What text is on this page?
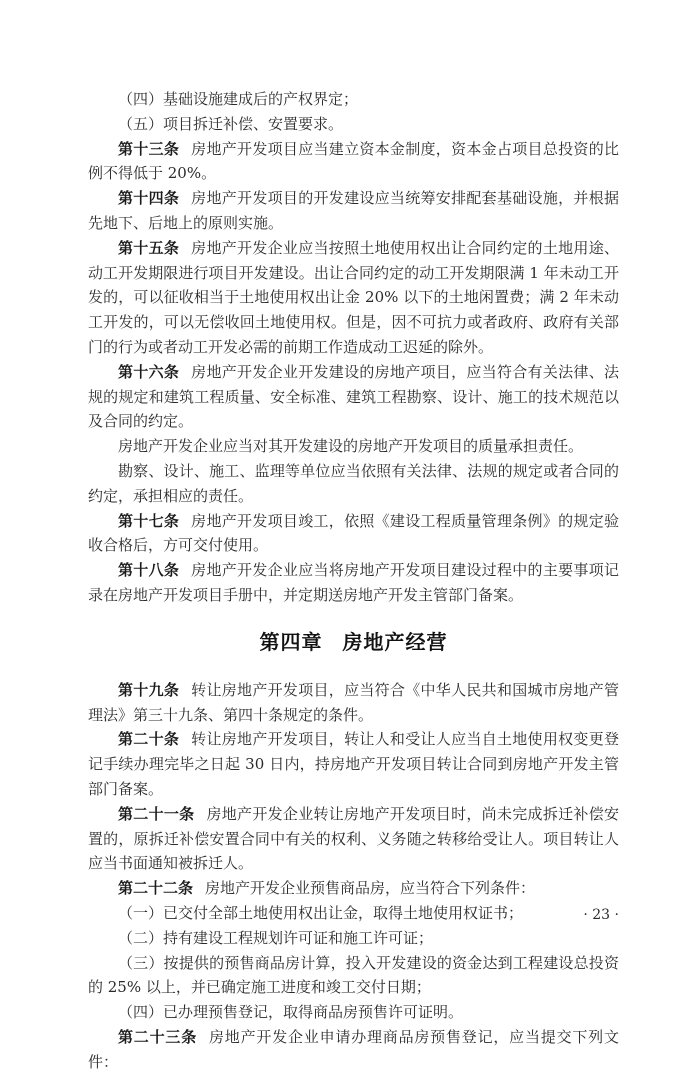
（四）基础设施建成后的产权界定；

（五）项目拆迁补偿、安置要求。

第十三条 房地产开发项目应当建立资本金制度，资本金占项目总投资的比例不得低于 20%。

第十四条 房地产开发项目的开发建设应当统筹安排配套基础设施，并根据先地下、后地上的原则实施。

第十五条 房地产开发企业应当按照土地使用权出让合同约定的土地用途、动工开发期限进行项目开发建设。出让合同约定的动工开发期限满 1 年未动工开发的，可以征收相当于土地使用权出让金 20% 以下的土地闲置费；满 2 年未动工开发的，可以无偿收回土地使用权。但是，因不可抗力或者政府、政府有关部门的行为或者动工开发必需的前期工作造成动工迟延的除外。

第十六条 房地产开发企业开发建设的房地产项目，应当符合有关法律、法规的规定和建筑工程质量、安全标准、建筑工程勘察、设计、施工的技术规范以及合同的约定。

房地产开发企业应当对其开发建设的房地产开发项目的质量承担责任。

勘察、设计、施工、监理等单位应当依照有关法律、法规的规定或者合同的约定，承担相应的责任。

第十七条 房地产开发项目竣工，依照《建设工程质量管理条例》的规定验收合格后，方可交付使用。

第十八条 房地产开发企业应当将房地产开发项目建设过程中的主要事项记录在房地产开发项目手册中，并定期送房地产开发主管部门备案。

第四章 房地产经营

第十九条 转让房地产开发项目，应当符合《中华人民共和国城市房地产管理法》第三十九条、第四十条规定的条件。

第二十条 转让房地产开发项目，转让人和受让人应当自土地使用权变更登记手续办理完毕之日起 30 日内，持房地产开发项目转让合同到房地产开发主管部门备案。

第二十一条 房地产开发企业转让房地产开发项目时，尚未完成拆迁补偿安置的，原拆迁补偿安置合同中有关的权利、义务随之转移给受让人。项目转让人应当书面通知被拆迁人。

第二十二条 房地产开发企业预售商品房，应当符合下列条件：

（一）已交付全部土地使用权出让金，取得土地使用权证书；

（二）持有建设工程规划许可证和施工许可证；

（三）按提供的预售商品房计算，投入开发建设的资金达到工程建设总投资的 25% 以上，并已确定施工进度和竣工交付日期；

（四）已办理预售登记，取得商品房预售许可证明。

第二十三条 房地产开发企业申请办理商品房预售登记，应当提交下列文件：

· 23 ·
